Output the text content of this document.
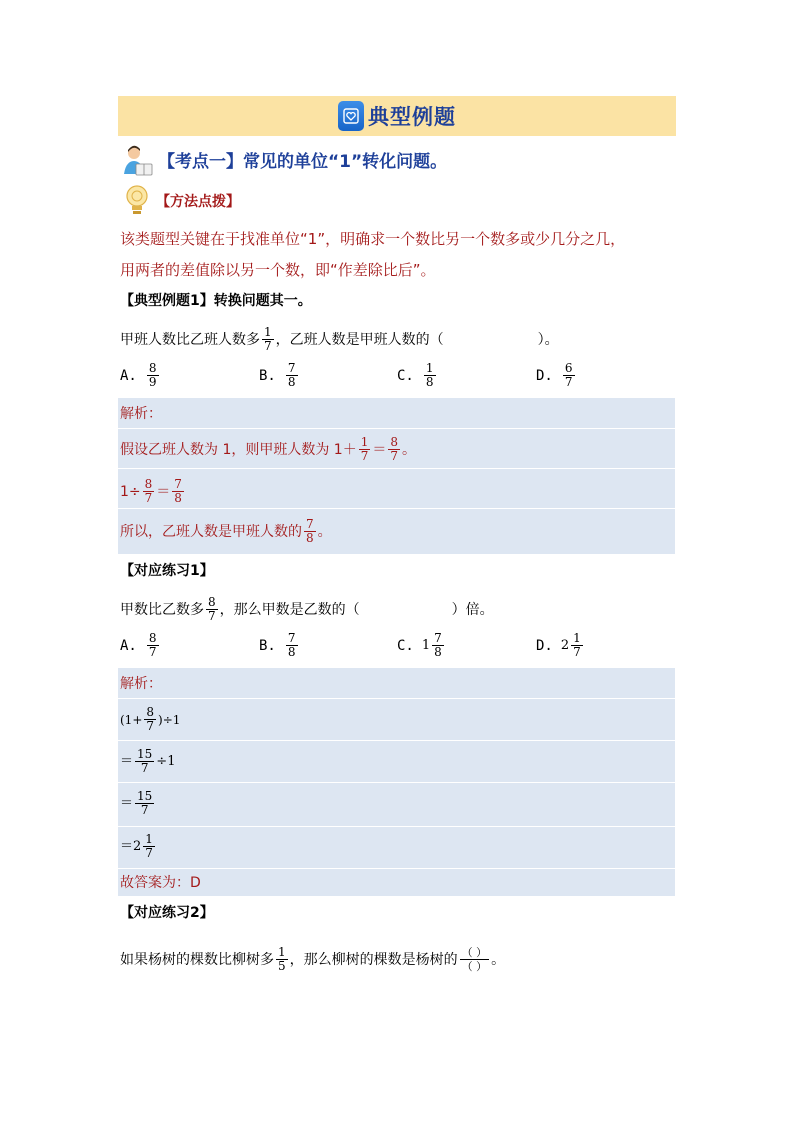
典型例题
【考点一】常见的单位“1”转化问题。
【方法点拨】
该类题型关键在于找准单位“1”，明确求一个数比另一个数多或少几分之几，
用两者的差值除以另一个数，即“作差除比后”。
【典型例题1】转换问题其一。
甲班人数比乙班人数多 $\frac{1}{7}$ ，乙班人数是甲班人数的（	）。
A. $\frac{8}{9}$	B. $\frac{7}{8}$	C. $\frac{1}{8}$	D. $\frac{6}{7}$
解析：
假设乙班人数为 1，则甲班人数为 $1+ \frac{1}{7} = \frac{8}{7}$ 。
$1\div \frac{8}{7} = \frac{7}{8}$
所以，乙班人数是甲班人数的 $\frac{7}{8}$ 。
【对应练习1】
甲数比乙数多 $\frac{8}{7}$ ，那么甲数是乙数的（	）倍。
A. $\frac{8}{7}$	B. $\frac{7}{8}$	C. $1 \frac{7}{8}$	D. $2 \frac{1}{7}$
解析：
$(1+ \frac{8}{7} )\div 1$
＝ $\frac{15}{7} \div 1$
＝ $\frac{15}{7}$
$=2 \frac{1}{7}$
故答案为：D
【对应练习2】
如果杨树的棵数比柳树多 $\frac{1}{5}$ ，那么柳树的棵数是杨树的 $\frac{( )}{( )}$ 。
